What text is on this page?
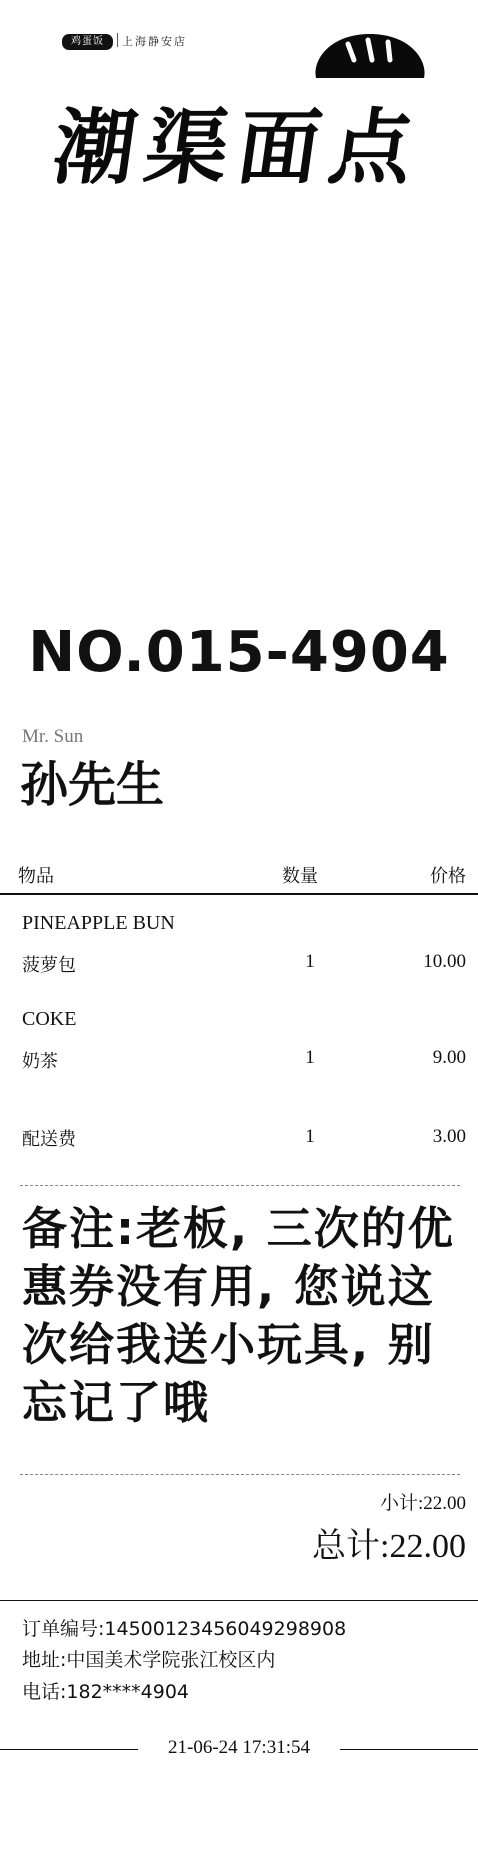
鸡蛋饭	上海静安店
潮渠面点
NO.015-4904
Mr. Sun
孙先生
物品	数量	价格
PINEAPPLE BUN
菠萝包	1	10.00
COKE
奶茶	1	9.00
配送费	1	3.00
备注:老板, 三次的优惠券没有用, 您说这次给我送小玩具, 别忘记了哦
小计:22.00
总计:22.00
订单编号:14500123456049298908
地址:中国美术学院张江校区内
电话:182****4904
21-06-24 17:31:54
